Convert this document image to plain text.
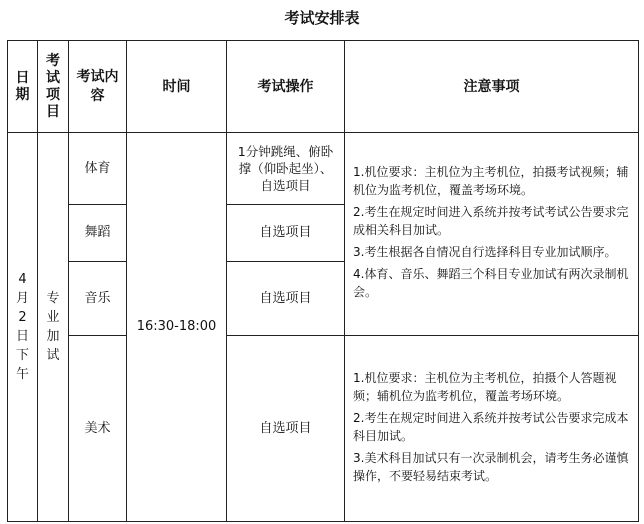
考试安排表
日期	考试项目	考试内容	时间	考试操作	注意事项
4月2日下午	专业加试	体育	16:30-18:00	1分钟跳绳、俯卧撑（仰卧起坐）、自选项目	1.机位要求：主机位为主考机位，拍摄考试视频；辅机位为监考机位，覆盖考场环境。

2.考生在规定时间进入系统并按考试考试公告要求完成相关科目加试。

3.考生根据各自情况自行选择科目专业加试顺序。

4.体育、音乐、舞蹈三个科目专业加试有两次录制机会。

		舞蹈		自选项目	
		音乐		自选项目	
		美术		自选项目	1.机位要求：主机位为主考机位，拍摄个人答题视频；辅机位为监考机位，覆盖考场环境。

2.考生在规定时间进入系统并按考试公告要求完成本科目加试。

3.美术科目加试只有一次录制机会，请考生务必谨慎操作，不要轻易结束考试。
